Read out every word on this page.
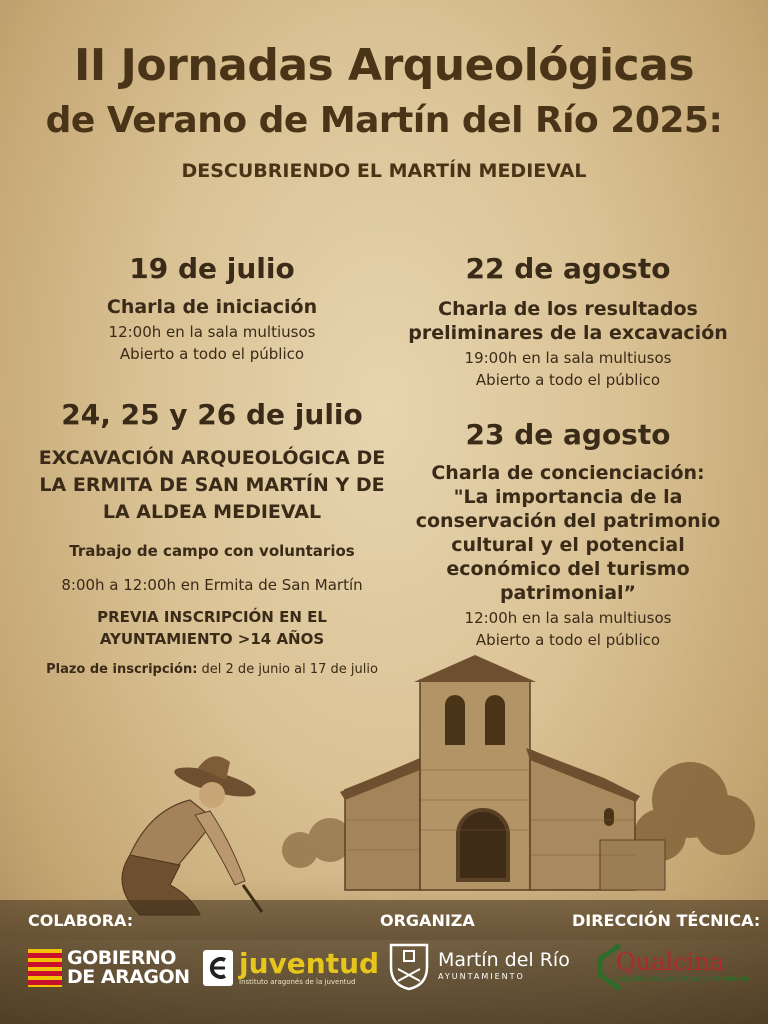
II Jornadas Arqueológicas
de Verano de Martín del Río 2025:
DESCUBRIENDO EL MARTÍN MEDIEVAL
19 de julio
Charla de iniciación
12:00h en la sala multiusos
Abierto a todo el público
24, 25 y 26 de julio
EXCAVACIÓN ARQUEOLÓGICA DE
LA ERMITA DE SAN MARTÍN Y DE
LA ALDEA MEDIEVAL
Trabajo de campo con voluntarios
8:00h a 12:00h en Ermita de San Martín
PREVIA INSCRIPCIÓN EN EL
AYUNTAMIENTO >14 AÑOS
Plazo de inscripción: del 2 de junio al 17 de julio
22 de agosto
Charla de los resultados
preliminares de la excavación
19:00h en la sala multiusos
Abierto a todo el público
23 de agosto
Charla de concienciación:
"La importancia de la
conservación del patrimonio
cultural y el potencial
económico del turismo
patrimonial”
12:00h en la sala multiusos
Abierto a todo el público
COLABORA:	ORGANIZA	DIRECCIÓN TÉCNICA:
GOBIERNO
DE ARAGON juventud
Instituto aragonés de la juventud
Martín del Río
AYUNTAMIENTO
Qualcina
ARQUEOLOGÍA, CULTURA Y PATRIMONIO
